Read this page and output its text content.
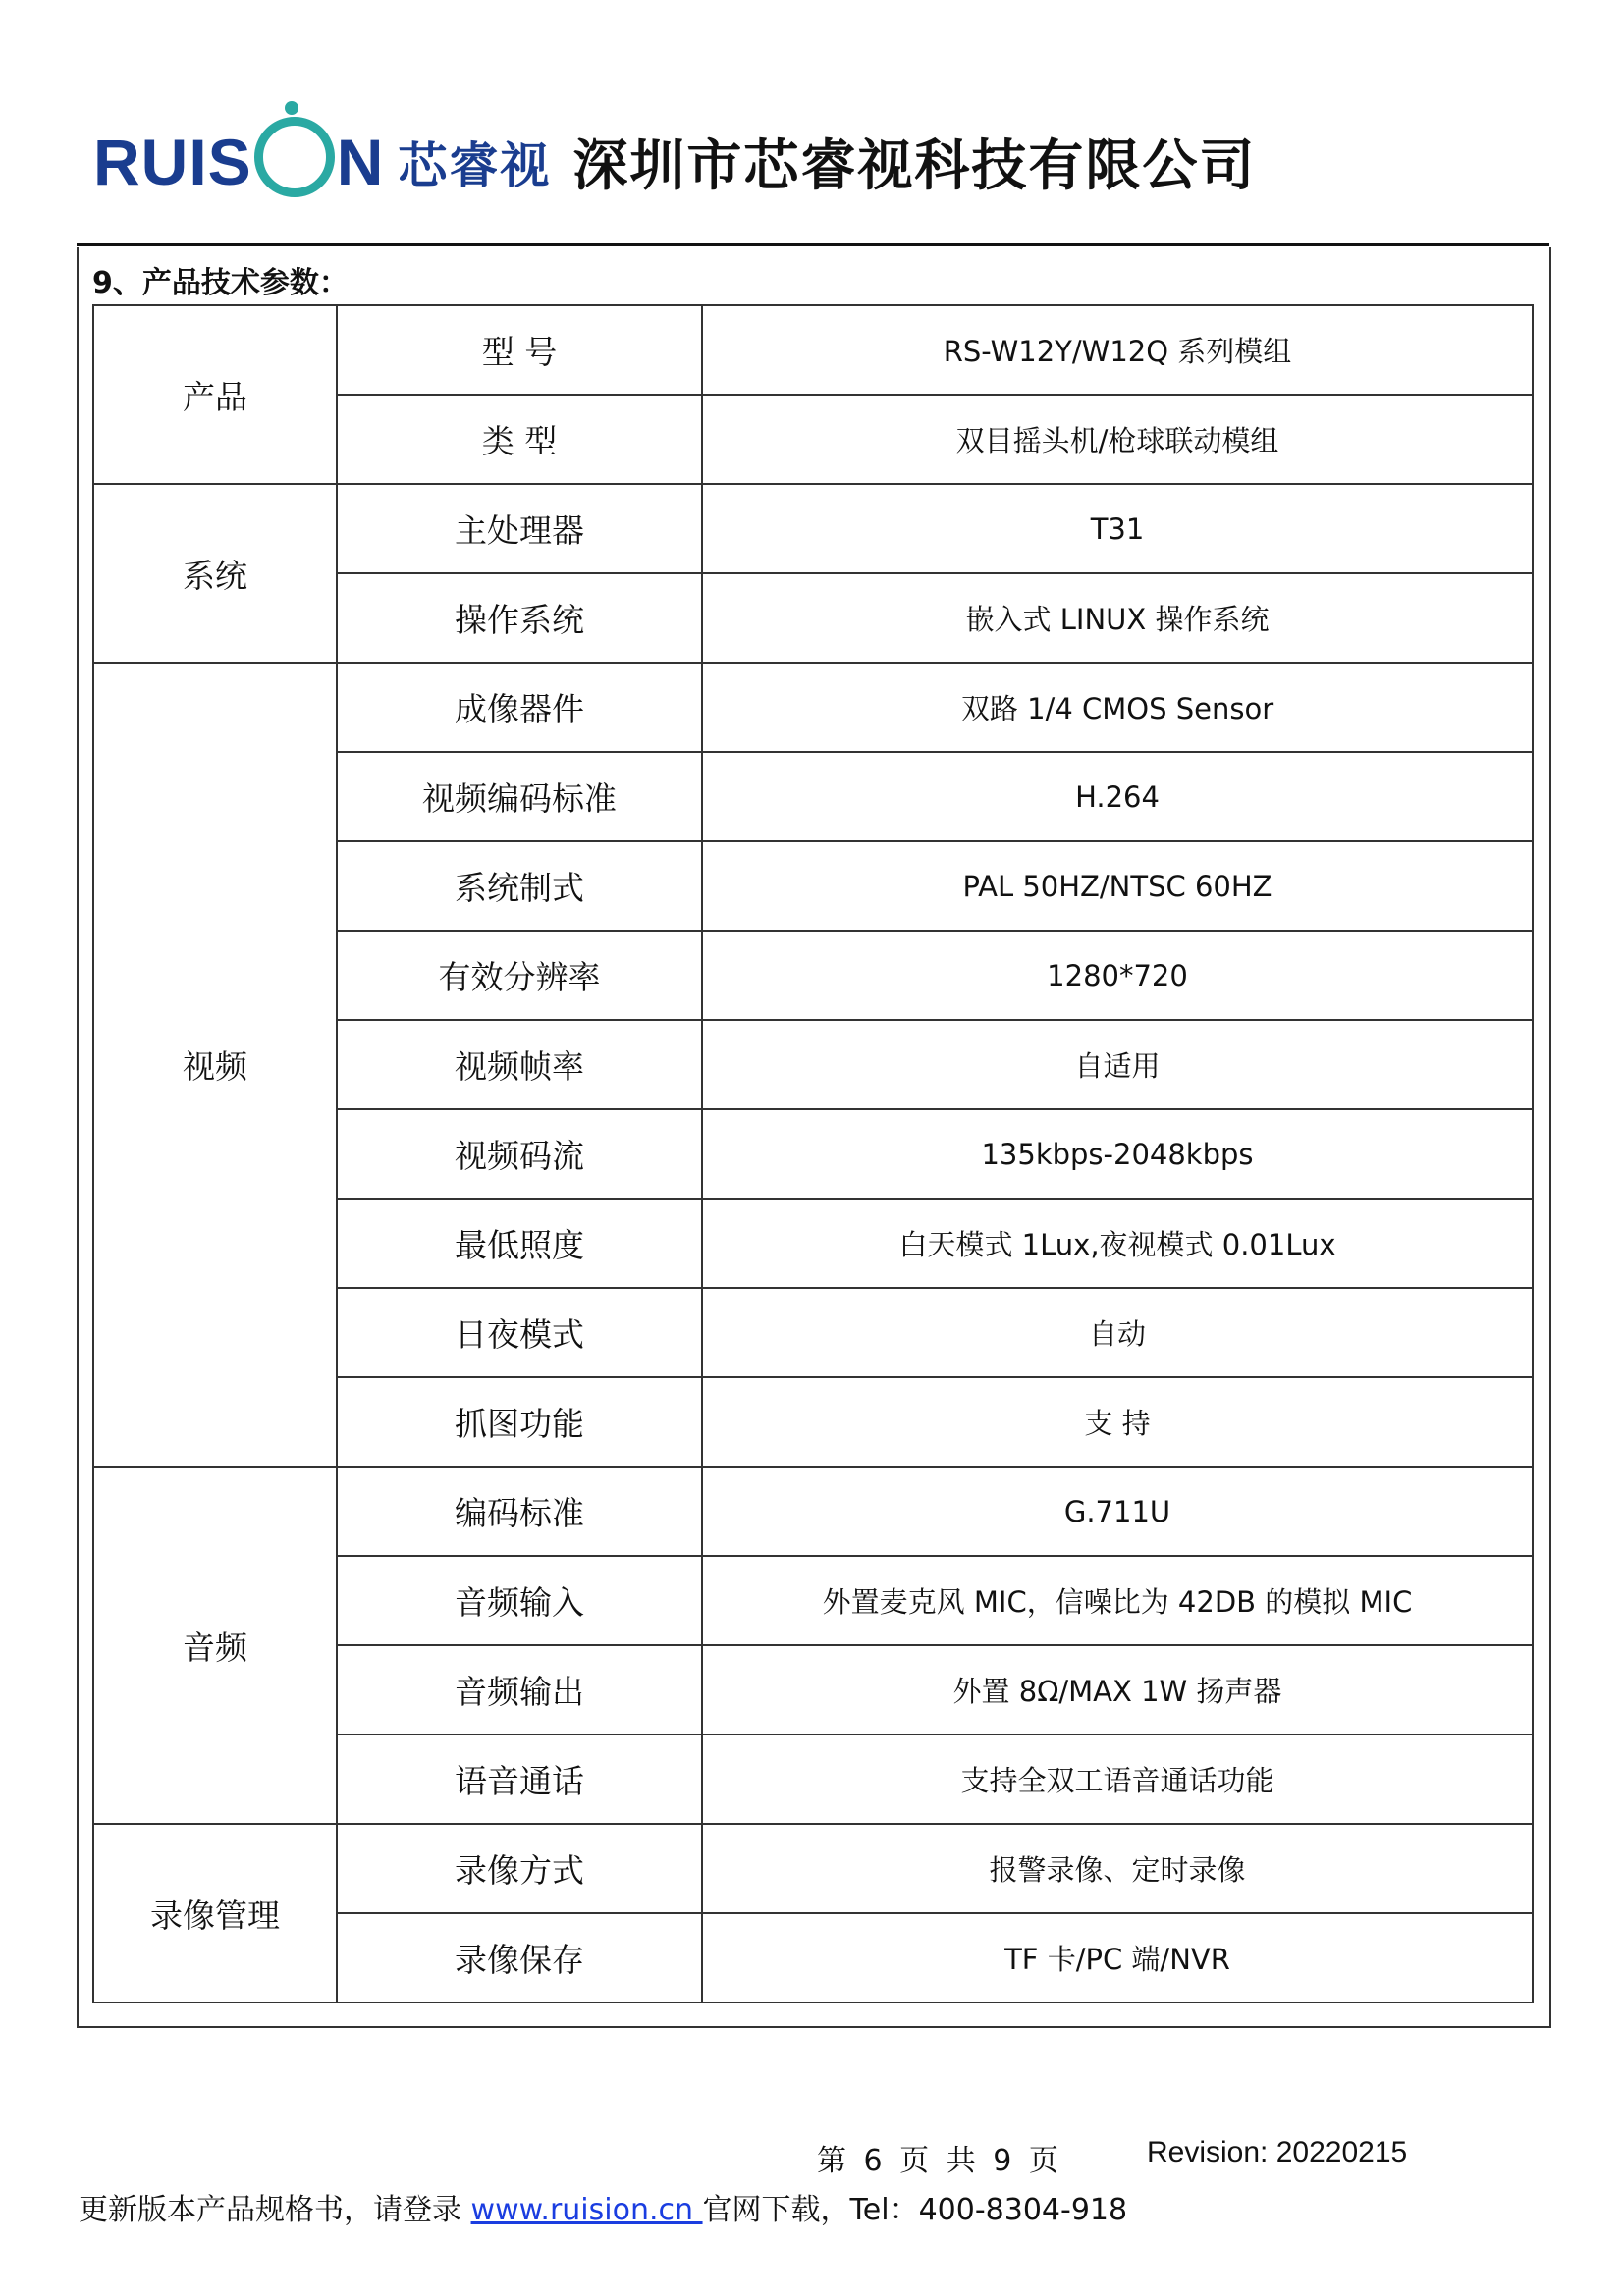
RUIS N 芯睿视 深圳市芯睿视科技有限公司
9、产品技术参数：
产品	型 号	RS-W12Y/W12Q 系列模组
	类 型	双目摇头机/枪球联动模组
系统	主处理器	T31
	操作系统	嵌入式 LINUX 操作系统
视频	成像器件	双路 1/4 CMOS Sensor
	视频编码标准	H.264
	系统制式	PAL 50HZ/NTSC 60HZ
	有效分辨率	1280*720
	视频帧率	自适用
	视频码流	135kbps-2048kbps
	最低照度	白天模式 1Lux,夜视模式 0.01Lux
	日夜模式	自动
	抓图功能	支 持
音频	编码标准	G.711U
	音频输入	外置麦克风 MIC，信噪比为 42DB 的模拟 MIC
	音频输出	外置 8Ω/MAX 1W 扬声器
	语音通话	支持全双工语音通话功能
录像管理	录像方式	报警录像、定时录像
	录像保存	TF 卡/PC 端/NVR
第 6 页 共 9 页	Revision: 20220215
更新版本产品规格书，请登录 www.ruision.cn 官网下载，Tel：400-8304-918
